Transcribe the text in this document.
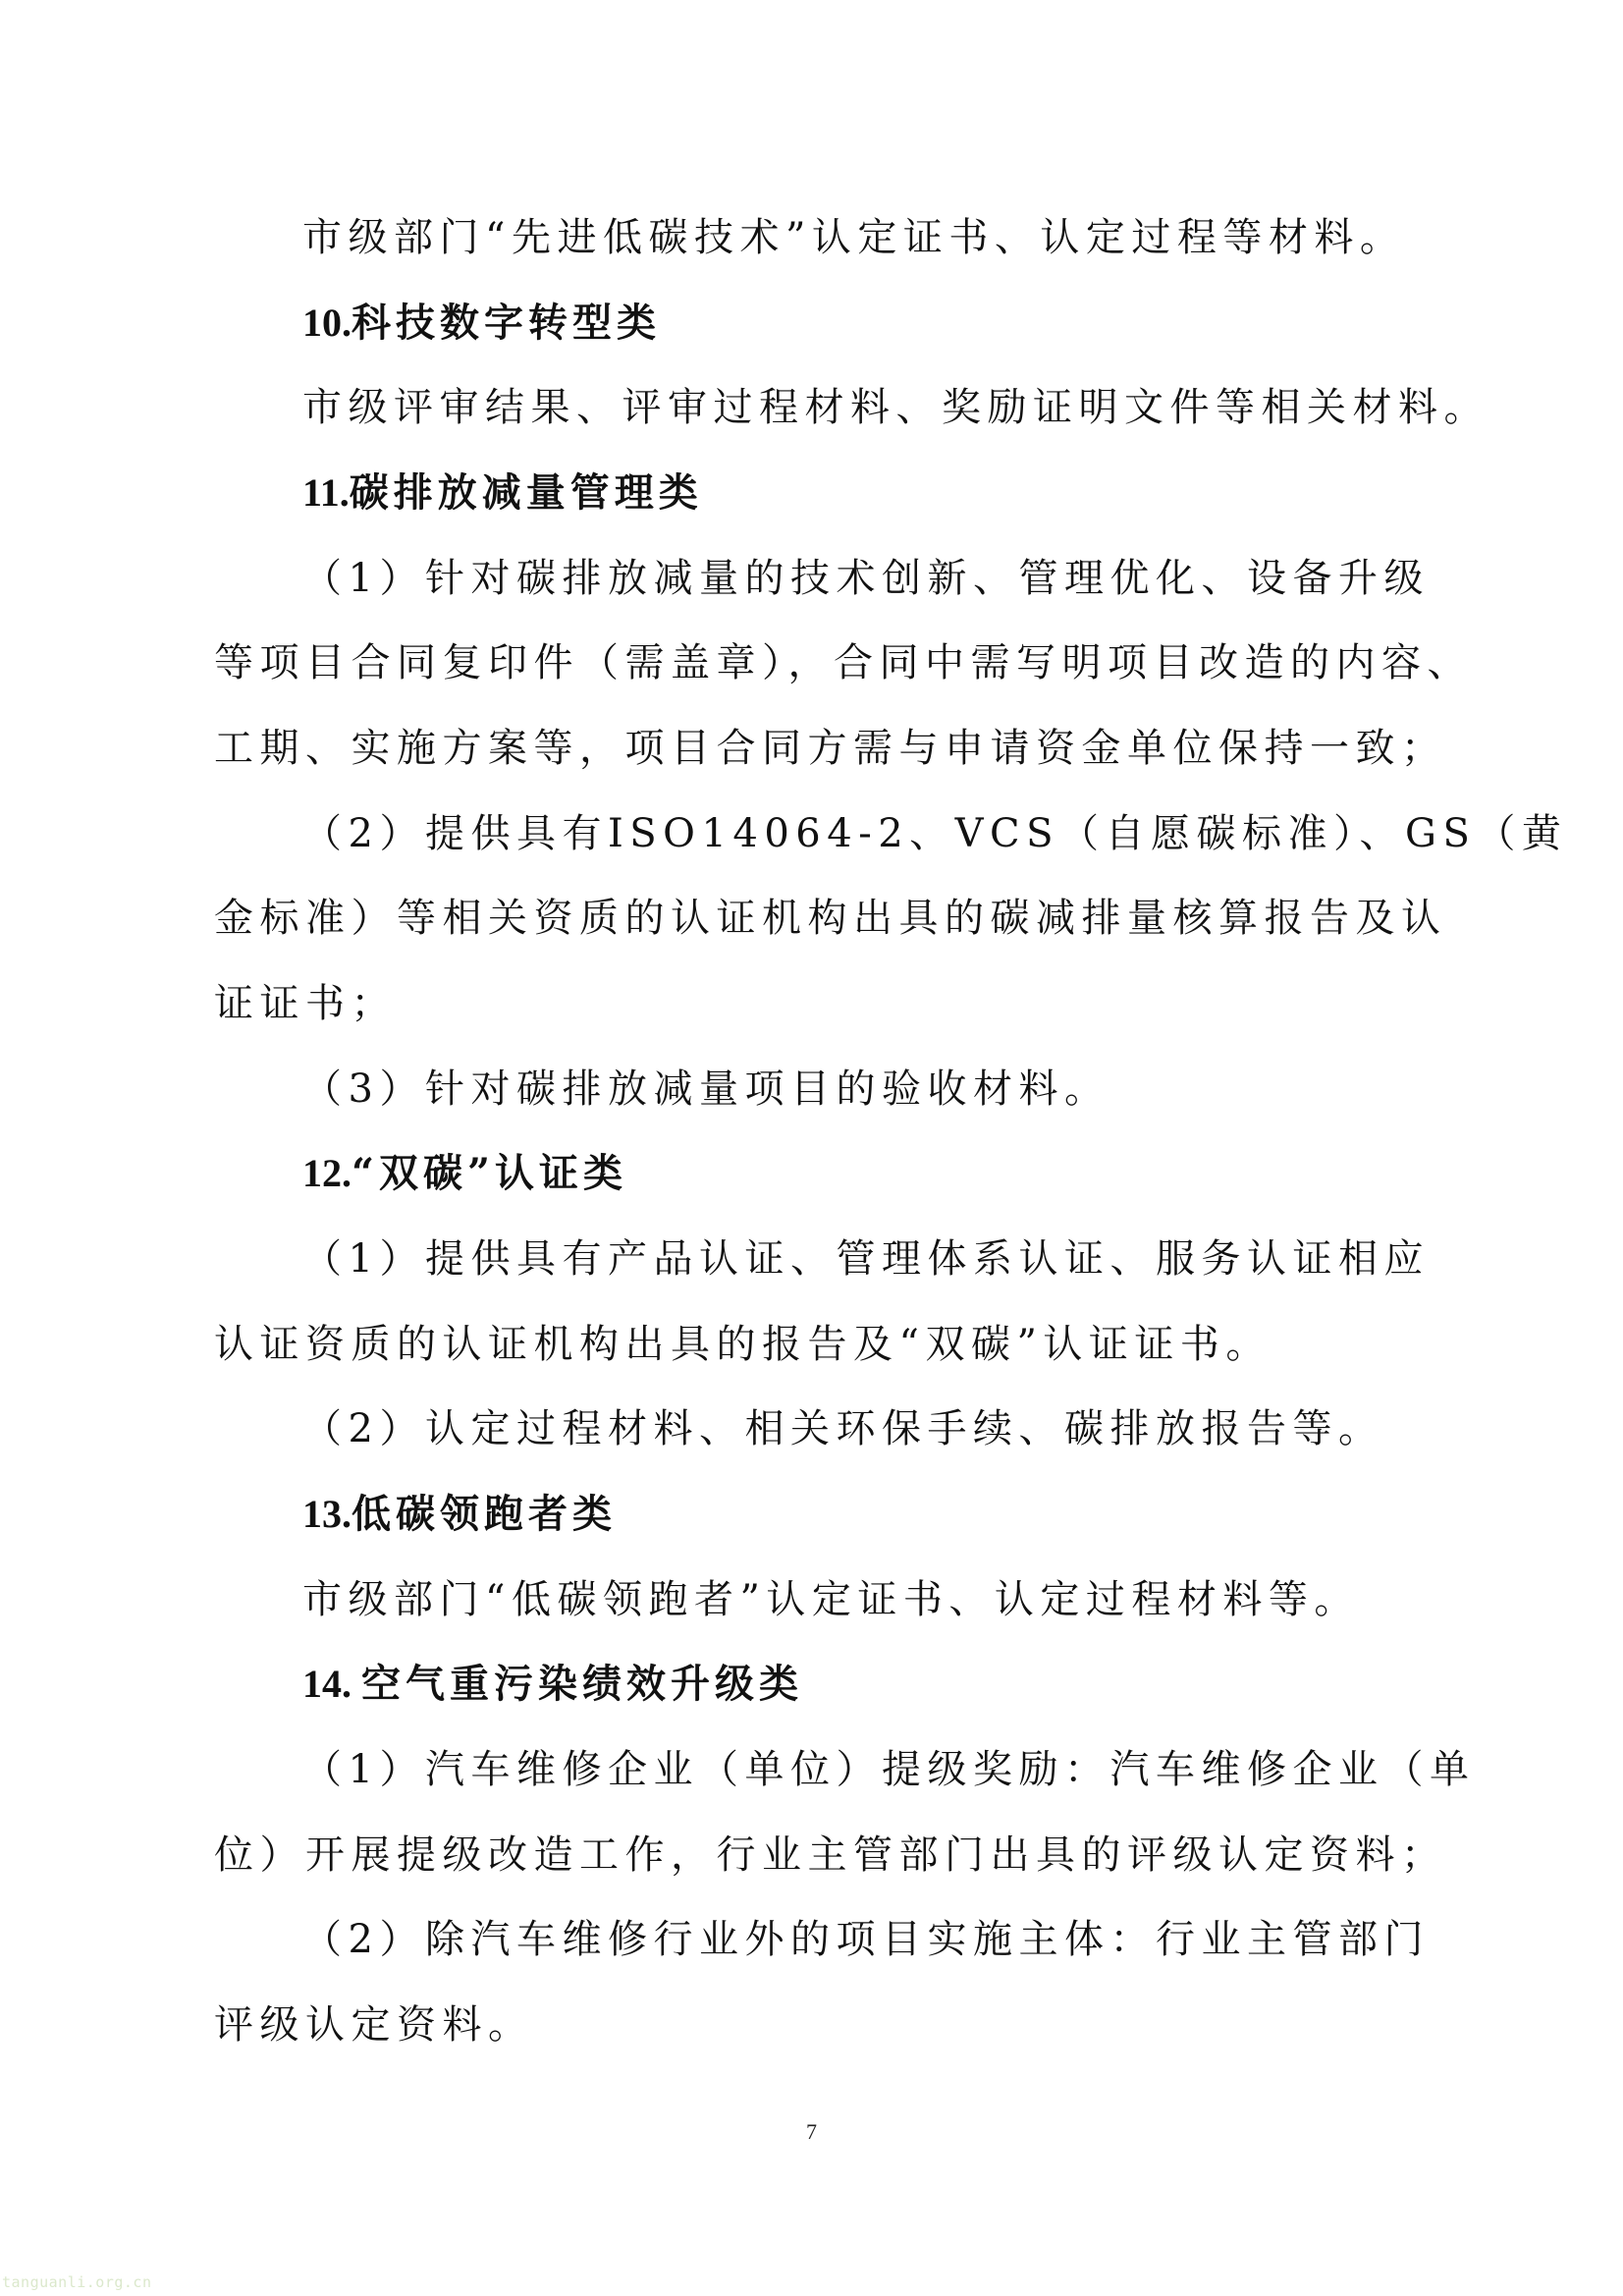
市级部门“先进低碳技术”认定证书、认定过程等材料。
10.科技数字转型类
市级评审结果、评审过程材料、奖励证明文件等相关材料。
11.碳排放减量管理类
（1）针对碳排放减量的技术创新、管理优化、设备升级
等项目合同复印件（需盖章），合同中需写明项目改造的内容、
工期、实施方案等，项目合同方需与申请资金单位保持一致；
（2）提供具有ISO14064-2、VCS（自愿碳标准）、GS（黄
金标准）等相关资质的认证机构出具的碳减排量核算报告及认
证证书；
（3）针对碳排放减量项目的验收材料。
12.“双碳”认证类
（1）提供具有产品认证、管理体系认证、服务认证相应
认证资质的认证机构出具的报告及“双碳”认证证书。
（2）认定过程材料、相关环保手续、碳排放报告等。
13.低碳领跑者类
市级部门“低碳领跑者”认定证书、认定过程材料等。
14. 空气重污染绩效升级类
（1）汽车维修企业（单位）提级奖励：汽车维修企业（单
位）开展提级改造工作，行业主管部门出具的评级认定资料；
（2）除汽车维修行业外的项目实施主体：行业主管部门
评级认定资料。
7
tanguanli.org.cn
